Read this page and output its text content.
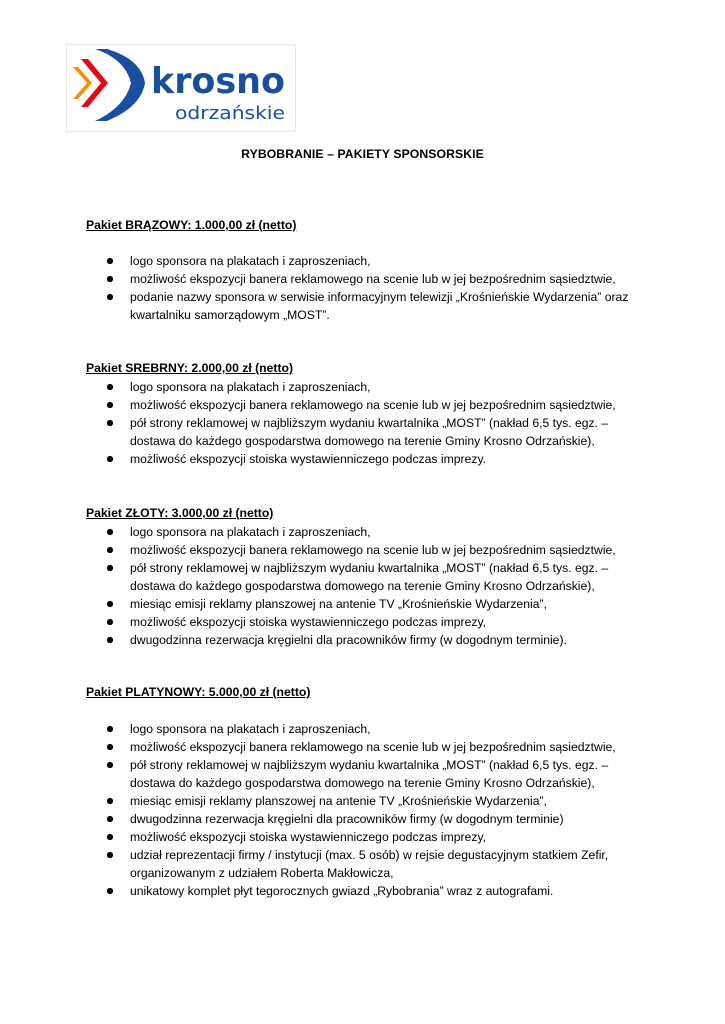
krosno
odrzańskie
RYBOBRANIE – PAKIETY SPONSORSKIE
Pakiet BRĄZOWY: 1.000,00 zł (netto)
logo sponsora na plakatach i zaproszeniach,
możliwość ekspozycji banera reklamowego na scenie lub w jej bezpośrednim sąsiedztwie,
podanie nazwy sponsora w serwisie informacyjnym telewizji „Krośnieńskie Wydarzenia” oraz kwartalniku samorządowym „MOST”.
Pakiet SREBRNY: 2.000,00 zł (netto)
logo sponsora na plakatach i zaproszeniach,
możliwość ekspozycji banera reklamowego na scenie lub w jej bezpośrednim sąsiedztwie,
pół strony reklamowej w najbliższym wydaniu kwartalnika „MOST” (nakład 6,5 tys. egz. – dostawa do każdego gospodarstwa domowego na terenie Gminy Krosno Odrzańskie),
możliwość ekspozycji stoiska wystawienniczego podczas imprezy.
Pakiet ZŁOTY: 3.000,00 zł (netto)
logo sponsora na plakatach i zaproszeniach,
możliwość ekspozycji banera reklamowego na scenie lub w jej bezpośrednim sąsiedztwie,
pół strony reklamowej w najbliższym wydaniu kwartalnika „MOST” (nakład 6,5 tys. egz. – dostawa do każdego gospodarstwa domowego na terenie Gminy Krosno Odrzańskie),
miesiąc emisji reklamy planszowej na antenie TV „Krośnieńskie Wydarzenia”,
możliwość ekspozycji stoiska wystawienniczego podczas imprezy,
dwugodzinna rezerwacja kręgielni dla pracowników firmy (w dogodnym terminie).
Pakiet PLATYNOWY: 5.000,00 zł (netto)
logo sponsora na plakatach i zaproszeniach,
możliwość ekspozycji banera reklamowego na scenie lub w jej bezpośrednim sąsiedztwie,
pół strony reklamowej w najbliższym wydaniu kwartalnika „MOST” (nakład 6,5 tys. egz. – dostawa do każdego gospodarstwa domowego na terenie Gminy Krosno Odrzańskie),
miesiąc emisji reklamy planszowej na antenie TV „Krośnieńskie Wydarzenia”,
dwugodzinna rezerwacja kręgielni dla pracowników firmy (w dogodnym terminie)
możliwość ekspozycji stoiska wystawienniczego podczas imprezy,
udział reprezentacji firmy / instytucji (max. 5 osób) w rejsie degustacyjnym statkiem Zefir, organizowanym z udziałem Roberta Makłowicza,
unikatowy komplet płyt tegorocznych gwiazd „Rybobrania” wraz z autografami.
